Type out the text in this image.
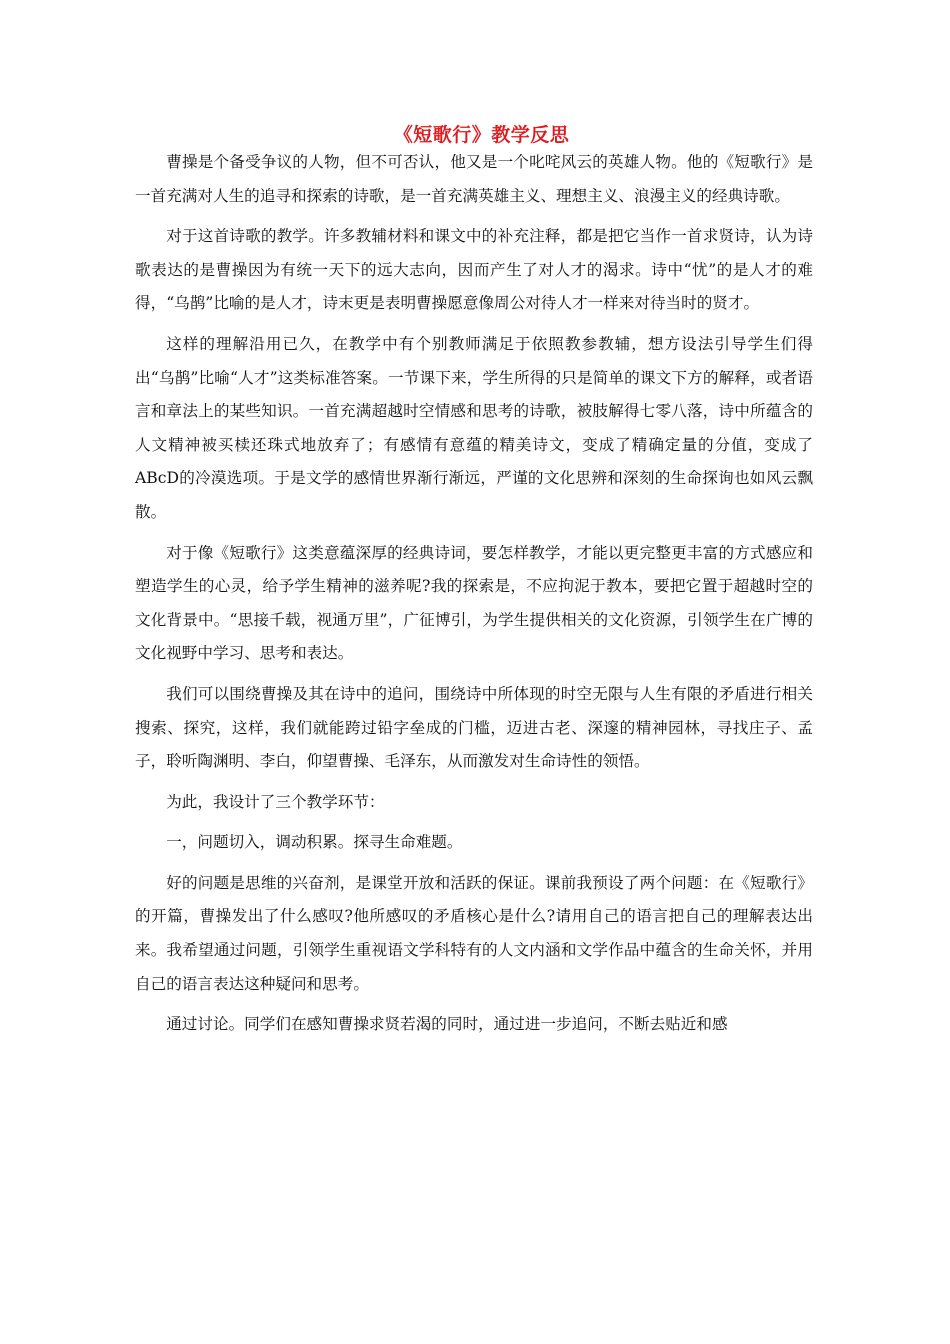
《短歌行》教学反思

曹操是个备受争议的人物，但不可否认，他又是一个叱咤风云的英雄人物。他的《短歌行》是一首充满对人生的追寻和探索的诗歌，是一首充满英雄主义、理想主义、浪漫主义的经典诗歌。

对于这首诗歌的教学。许多教辅材料和课文中的补充注释，都是把它当作一首求贤诗，认为诗歌表达的是曹操因为有统一天下的远大志向，因而产生了对人才的渴求。诗中“忧”的是人才的难得，“乌鹊”比喻的是人才，诗末更是表明曹操愿意像周公对待人才一样来对待当时的贤才。

这样的理解沿用已久，在教学中有个别教师满足于依照教参教辅，想方设法引导学生们得出“乌鹊”比喻“人才”这类标准答案。一节课下来，学生所得的只是简单的课文下方的解释，或者语言和章法上的某些知识。一首充满超越时空情感和思考的诗歌，被肢解得七零八落，诗中所蕴含的人文精神被买椟还珠式地放弃了；有感情有意蕴的精美诗文，变成了精确定量的分值，变成了ABcD的冷漠选项。于是文学的感情世界渐行渐远，严谨的文化思辨和深刻的生命探询也如风云飘散。

对于像《短歌行》这类意蕴深厚的经典诗词，要怎样教学，才能以更完整更丰富的方式感应和塑造学生的心灵，给予学生精神的滋养呢?我的探索是，不应拘泥于教本，要把它置于超越时空的文化背景中。“思接千载，视通万里”，广征博引，为学生提供相关的文化资源，引领学生在广博的文化视野中学习、思考和表达。

我们可以围绕曹操及其在诗中的追问，围绕诗中所体现的时空无限与人生有限的矛盾进行相关搜索、探究，这样，我们就能跨过铅字垒成的门槛，迈进古老、深邃的精神园林，寻找庄子、孟子，聆听陶渊明、李白，仰望曹操、毛泽东，从而激发对生命诗性的领悟。

为此，我设计了三个教学环节：

一，问题切入，调动积累。探寻生命难题。

好的问题是思维的兴奋剂，是课堂开放和活跃的保证。课前我预设了两个问题：在《短歌行》的开篇，曹操发出了什么感叹?他所感叹的矛盾核心是什么?请用自己的语言把自己的理解表达出来。我希望通过问题，引领学生重视语文学科特有的人文内涵和文学作品中蕴含的生命关怀，并用自己的语言表达这种疑问和思考。

通过讨论。同学们在感知曹操求贤若渴的同时，通过进一步追问，不断去贴近和感
